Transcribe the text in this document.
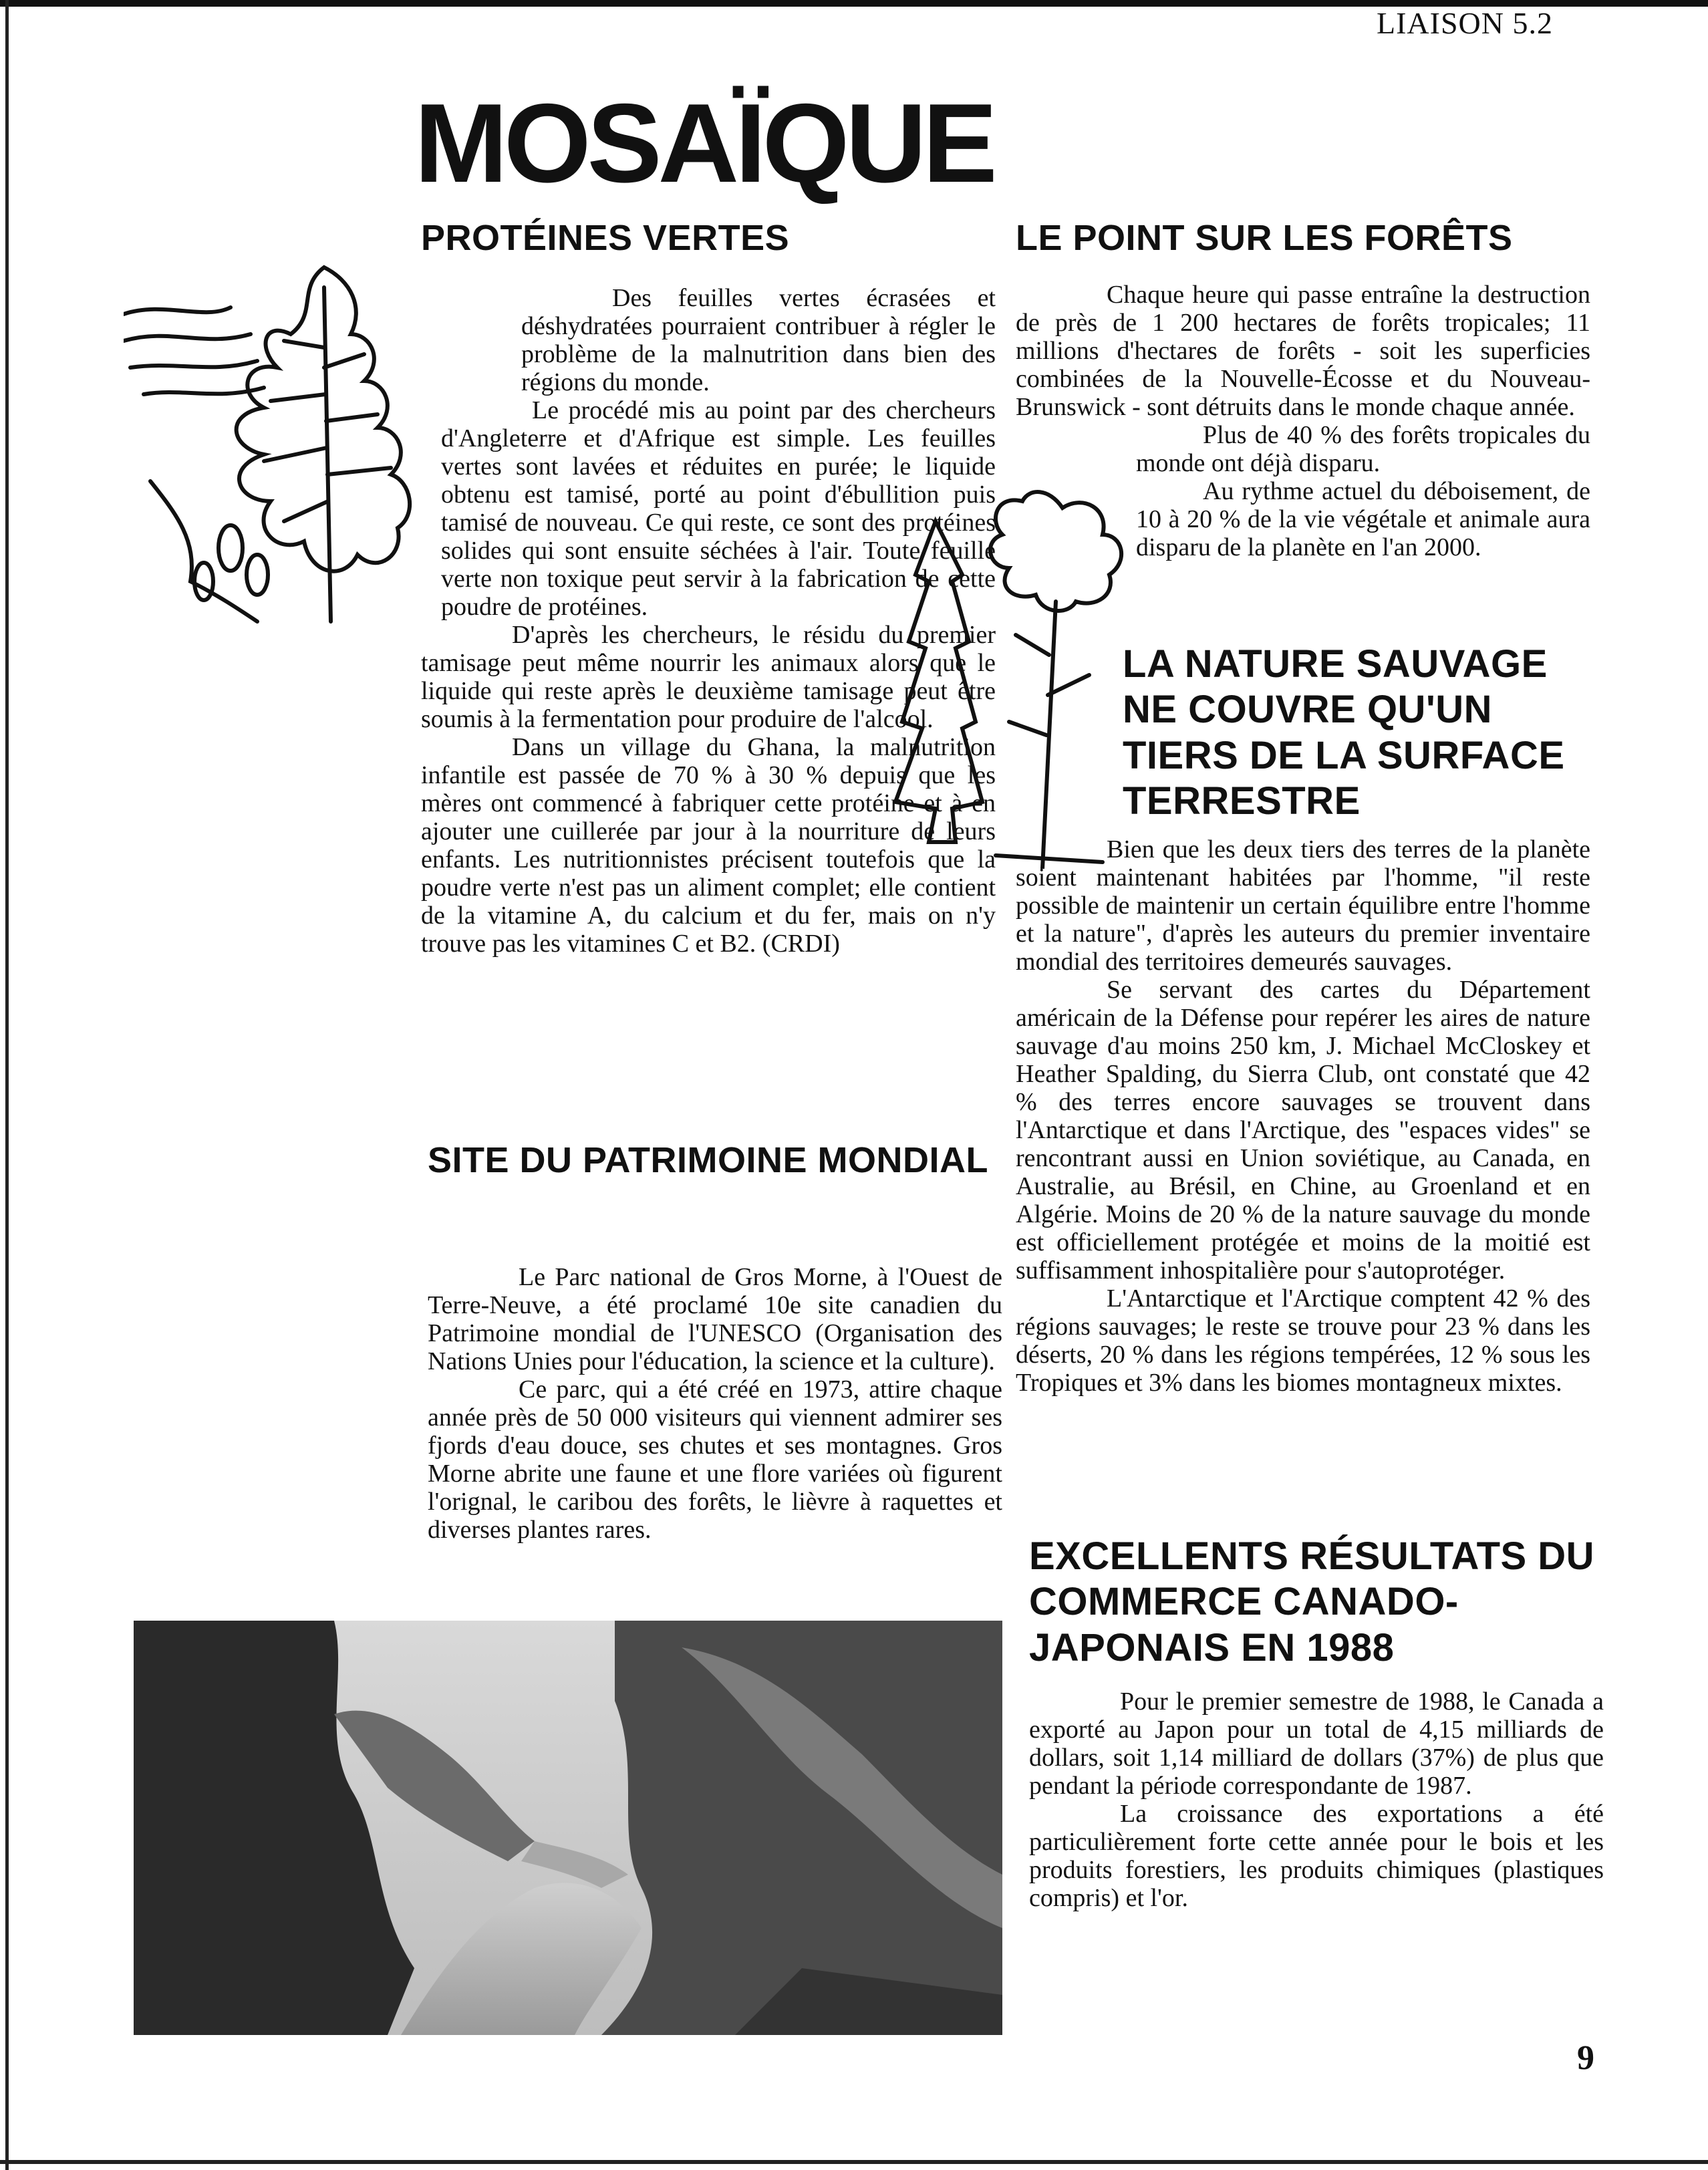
LIAISON 5.2
MOSAÏQUE
PROTÉINES VERTES

Des feuilles vertes écrasées et déshydratées pourraient contribuer à régler le problème de la malnutrition dans bien des régions du monde.

Le procédé mis au point par des chercheurs d'Angleterre et d'Afrique est simple. Les feuilles vertes sont lavées et réduites en purée; le liquide obtenu est tamisé, porté au point d'ébullition puis tamisé de nouveau. Ce qui reste, ce sont des protéines solides qui sont ensuite séchées à l'air. Toute feuille verte non toxique peut servir à la fabrication de cette poudre de protéines.

D'après les chercheurs, le résidu du premier tamisage peut même nourrir les animaux alors que le liquide qui reste après le deuxième tamisage peut être soumis à la fermentation pour produire de l'alcool.

Dans un village du Ghana, la malnutrition infantile est passée de 70 % à 30 % depuis que les mères ont commencé à fabriquer cette protéine et à en ajouter une cuillerée par jour à la nourriture de leurs enfants. Les nutritionnistes précisent toutefois que la poudre verte n'est pas un aliment complet; elle contient de la vitamine A, du calcium et du fer, mais on n'y trouve pas les vitamines C et B2. (CRDI)

SITE DU PATRIMOINE MONDIAL

Le Parc national de Gros Morne, à l'Ouest de Terre-Neuve, a été proclamé 10e site canadien du Patrimoine mondial de l'UNESCO (Organisation des Nations Unies pour l'éducation, la science et la culture).

Ce parc, qui a été créé en 1973, attire chaque année près de 50 000 visiteurs qui viennent admirer ses fjords d'eau douce, ses chutes et ses montagnes. Gros Morne abrite une faune et une flore variées où figurent l'orignal, le caribou des forêts, le lièvre à raquettes et diverses plantes rares.

LE POINT SUR LES FORÊTS

Chaque heure qui passe entraîne la destruction de près de 1 200 hectares de forêts tropicales; 11 millions d'hectares de forêts - soit les superficies combinées de la Nouvelle-Écosse et du Nouveau-Brunswick - sont détruits dans le monde chaque année.

Plus de 40 % des forêts tropicales du monde ont déjà disparu.

Au rythme actuel du déboisement, de 10 à 20 % de la vie végétale et animale aura disparu de la planète en l'an 2000.

LA NATURE SAUVAGE NE COUVRE QU'UN TIERS DE LA SURFACE TERRESTRE

Bien que les deux tiers des terres de la planète soient maintenant habitées par l'homme, "il reste possible de maintenir un certain équilibre entre l'homme et la nature", d'après les auteurs du premier inventaire mondial des territoires demeurés sauvages.

Se servant des cartes du Département américain de la Défense pour repérer les aires de nature sauvage d'au moins 250 km, J. Michael McCloskey et Heather Spalding, du Sierra Club, ont constaté que 42 % des terres encore sauvages se trouvent dans l'Antarctique et dans l'Arctique, des "espaces vides" se rencontrant aussi en Union soviétique, au Canada, en Australie, au Brésil, en Chine, au Groenland et en Algérie. Moins de 20 % de la nature sauvage du monde est officiellement protégée et moins de la moitié est suffisamment inhospitalière pour s'autoprotéger.

L'Antarctique et l'Arctique comptent 42 % des régions sauvages; le reste se trouve pour 23 % dans les déserts, 20 % dans les régions tempérées, 12 % sous les Tropiques et 3% dans les biomes montagneux mixtes.

EXCELLENTS RÉSULTATS DU COMMERCE CANADO-JAPONAIS EN 1988

Pour le premier semestre de 1988, le Canada a exporté au Japon pour un total de 4,15 milliards de dollars, soit 1,14 milliard de dollars (37%) de plus que pendant la période correspondante de 1987.

La croissance des exportations a été particulièrement forte cette année pour le bois et les produits forestiers, les produits chimiques (plastiques compris) et l'or.

9
